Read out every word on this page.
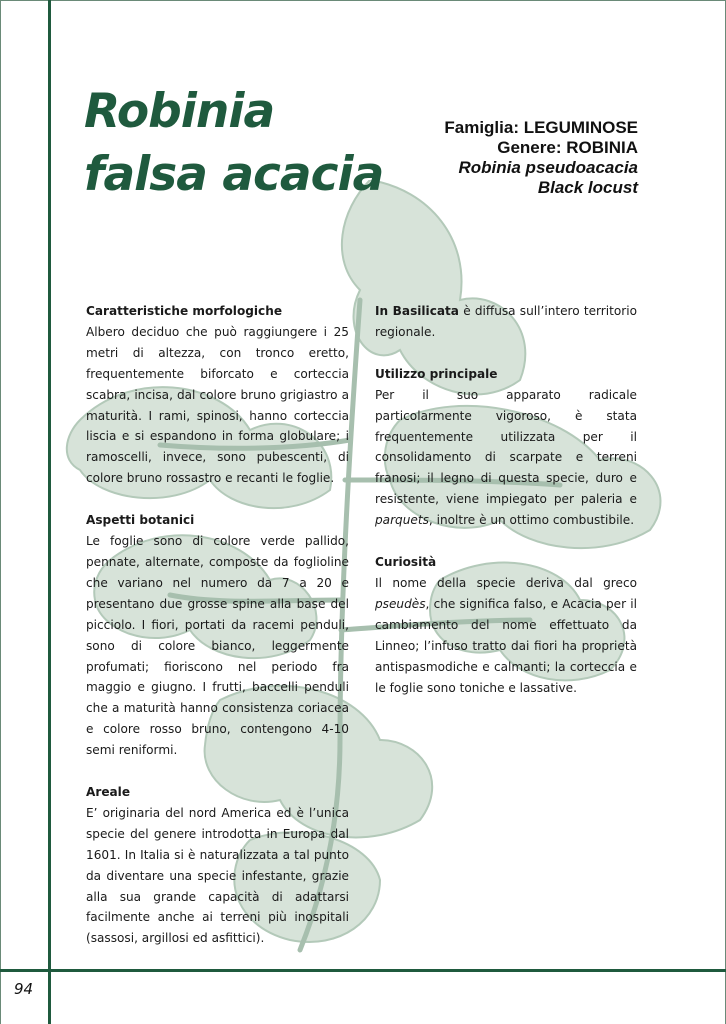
Robinia
falsa acacia
Famiglia: LEGUMINOSE
Genere: ROBINIA
Robinia pseudoacacia
Black locust
Caratteristiche morfologiche

Albero deciduo che può raggiungere i 25 metri di altezza, con tronco eretto, frequentemente biforcato e corteccia scabra, incisa, dal colore bruno grigiastro a maturità. I rami, spinosi, hanno corteccia liscia e si espandono in forma globulare; i ramoscelli, invece, sono pubescenti, di colore bruno rossastro e recanti le foglie.

Aspetti botanici

Le foglie sono di colore verde pallido, pennate, alternate, composte da foglioline che variano nel numero da 7 a 20 e presentano due grosse spine alla base del picciolo. I fiori, portati da racemi penduli, sono di colore bianco, leggermente profumati; fioriscono nel periodo fra maggio e giugno. I frutti, baccelli penduli che a maturità hanno consistenza coriacea e colore rosso bruno, contengono 4-10 semi reniformi.

Areale

E’ originaria del nord America ed è l’unica specie del genere introdotta in Europa dal 1601. In Italia si è naturalizzata a tal punto da diventare una specie infestante, grazie alla sua grande capacità di adattarsi facilmente anche ai terreni più inospitali (sassosi, argillosi ed asfittici).

In Basilicata è diffusa sull’intero territorio regionale.

Utilizzo principale

Per il suo apparato radicale particolarmente vigoroso, è stata frequentemente utilizzata per il consolidamento di scarpate e terreni franosi; il legno di questa specie, duro e resistente, viene impiegato per paleria e parquets, inoltre è un ottimo combustibile.

Curiosità

Il nome della specie deriva dal greco pseudès, che significa falso, e Acacia per il cambiamento del nome effettuato da Linneo; l’infuso tratto dai fiori ha proprietà antispasmodiche e calmanti; la corteccia e le foglie sono toniche e lassative.

94
